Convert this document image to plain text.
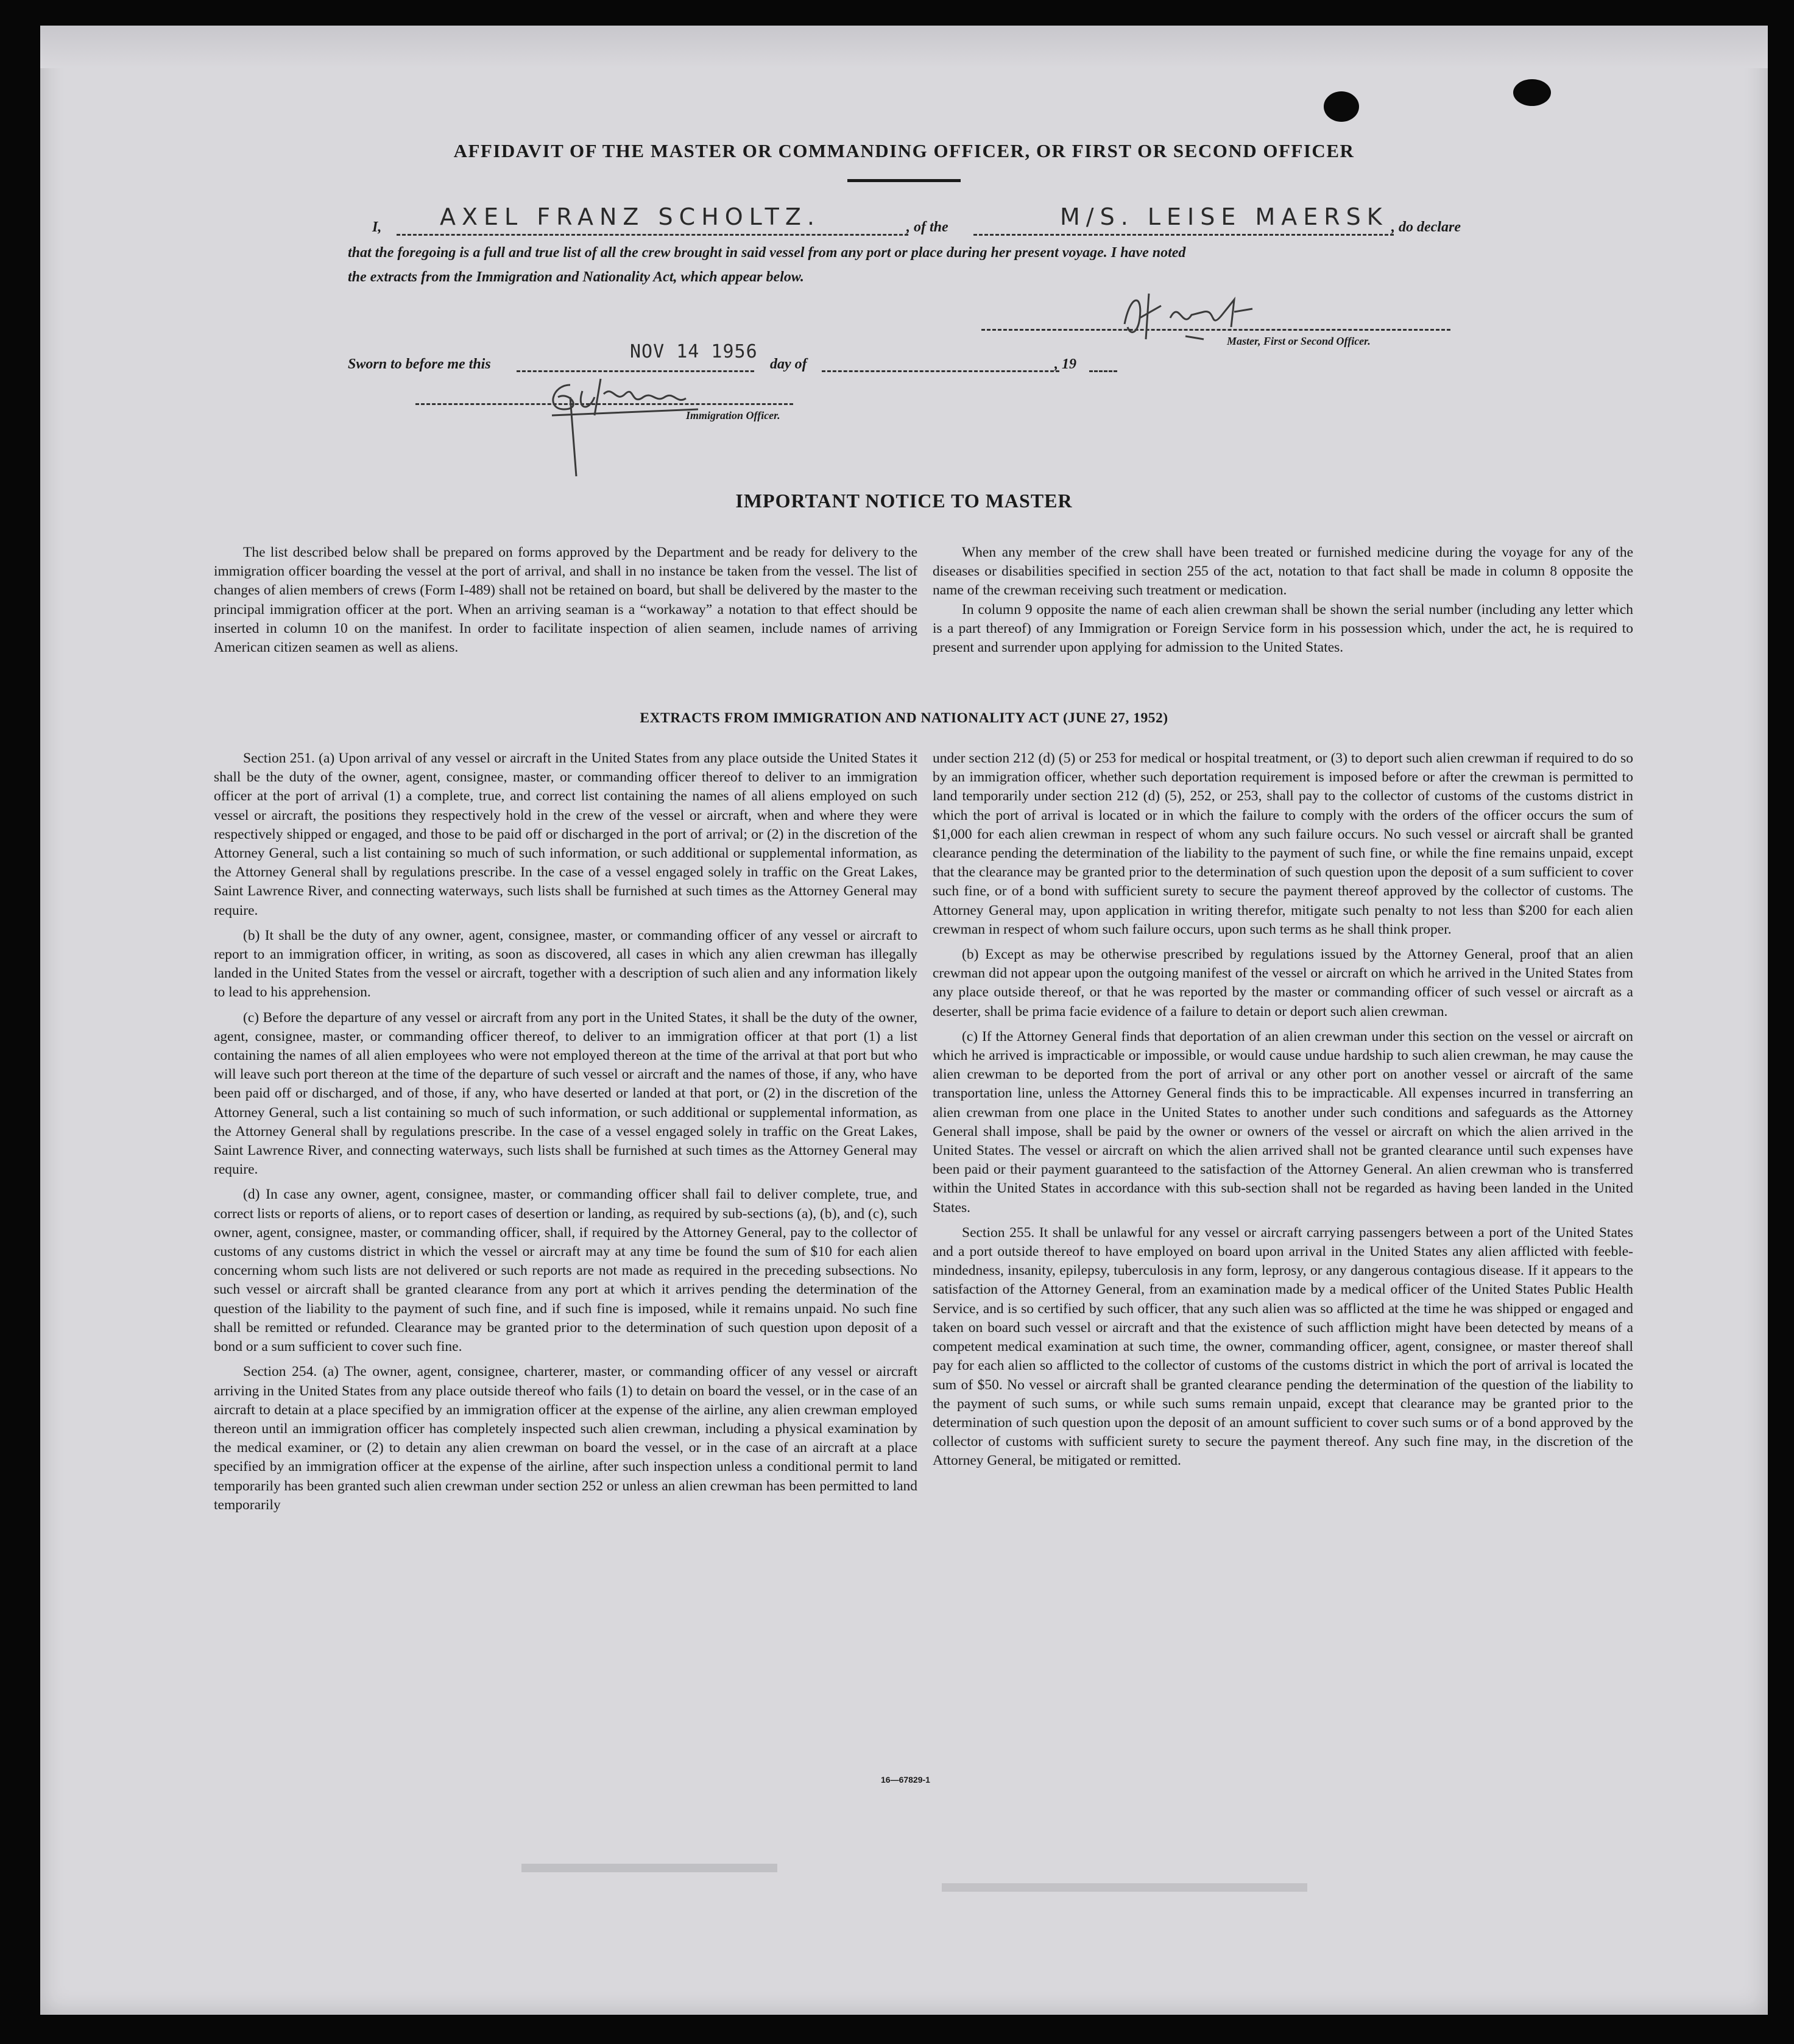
AFFIDAVIT OF THE MASTER OR COMMANDING OFFICER, OR FIRST OR SECOND OFFICER
I,	AXEL FRANZ SCHOLTZ.	, of the	M/S. LEISE MAERSK , do declare
that the foregoing is a full and true list of all the crew brought in said vessel from any port or place during her present voyage. I have noted
the extracts from the Immigration and Nationality Act, which appear below.
Master, First or Second Officer.
Sworn to before me this
NOV 14 1956
day of	, 19
Immigration Officer.
IMPORTANT NOTICE TO MASTER

The list described below shall be prepared on forms approved by the Department and be ready for delivery to the immigration officer boarding the vessel at the port of arrival, and shall in no instance be taken from the vessel. The list of changes of alien members of crews (Form I-489) shall not be retained on board, but shall be delivered by the master to the principal immigration officer at the port. When an arriving seaman is a “workaway” a notation to that effect should be inserted in column 10 on the manifest. In order to facilitate inspection of alien seamen, include names of arriving American citizen seamen as well as aliens.

When any member of the crew shall have been treated or furnished medicine during the voyage for any of the diseases or disabilities specified in section 255 of the act, notation to that fact shall be made in column 8 opposite the name of the crewman receiving such treatment or medication.

In column 9 opposite the name of each alien crewman shall be shown the serial number (including any letter which is a part thereof) of any Immigration or Foreign Service form in his possession which, under the act, he is required to present and surrender upon applying for admission to the United States.

EXTRACTS FROM IMMIGRATION AND NATIONALITY ACT (JUNE 27, 1952)

Section 251. (a) Upon arrival of any vessel or aircraft in the United States from any place outside the United States it shall be the duty of the owner, agent, consignee, master, or commanding officer thereof to deliver to an immigration officer at the port of arrival (1) a complete, true, and correct list containing the names of all aliens employed on such vessel or aircraft, the positions they respectively hold in the crew of the vessel or aircraft, when and where they were respectively shipped or engaged, and those to be paid off or discharged in the port of arrival; or (2) in the discretion of the Attorney General, such a list containing so much of such information, or such additional or supplemental information, as the Attorney General shall by regulations prescribe. In the case of a vessel engaged solely in traffic on the Great Lakes, Saint Lawrence River, and connecting waterways, such lists shall be furnished at such times as the Attorney General may require.

(b) It shall be the duty of any owner, agent, consignee, master, or commanding officer of any vessel or aircraft to report to an immigration officer, in writing, as soon as discovered, all cases in which any alien crewman has illegally landed in the United States from the vessel or aircraft, together with a description of such alien and any information likely to lead to his apprehension.

(c) Before the departure of any vessel or aircraft from any port in the United States, it shall be the duty of the owner, agent, consignee, master, or commanding officer thereof, to deliver to an immigration officer at that port (1) a list containing the names of all alien employees who were not employed thereon at the time of the arrival at that port but who will leave such port thereon at the time of the departure of such vessel or aircraft and the names of those, if any, who have been paid off or discharged, and of those, if any, who have deserted or landed at that port, or (2) in the discretion of the Attorney General, such a list containing so much of such information, or such additional or supplemental information, as the Attorney General shall by regulations prescribe. In the case of a vessel engaged solely in traffic on the Great Lakes, Saint Lawrence River, and connecting waterways, such lists shall be furnished at such times as the Attorney General may require.

(d) In case any owner, agent, consignee, master, or commanding officer shall fail to deliver complete, true, and correct lists or reports of aliens, or to report cases of desertion or landing, as required by sub-sections (a), (b), and (c), such owner, agent, consignee, master, or commanding officer, shall, if required by the Attorney General, pay to the collector of customs of any customs district in which the vessel or aircraft may at any time be found the sum of $10 for each alien concerning whom such lists are not delivered or such reports are not made as required in the preceding subsections. No such vessel or aircraft shall be granted clearance from any port at which it arrives pending the determination of the question of the liability to the payment of such fine, and if such fine is imposed, while it remains unpaid. No such fine shall be remitted or refunded. Clearance may be granted prior to the determination of such question upon deposit of a bond or a sum sufficient to cover such fine.

Section 254. (a) The owner, agent, consignee, charterer, master, or commanding officer of any vessel or aircraft arriving in the United States from any place outside thereof who fails (1) to detain on board the vessel, or in the case of an aircraft to detain at a place specified by an immigration officer at the expense of the airline, any alien crewman employed thereon until an immigration officer has completely inspected such alien crewman, including a physical examination by the medical examiner, or (2) to detain any alien crewman on board the vessel, or in the case of an aircraft at a place specified by an immigration officer at the expense of the airline, after such inspection unless a conditional permit to land temporarily has been granted such alien crewman under section 252 or unless an alien crewman has been permitted to land temporarily

under section 212 (d) (5) or 253 for medical or hospital treatment, or (3) to deport such alien crewman if required to do so by an immigration officer, whether such deportation requirement is imposed before or after the crewman is permitted to land temporarily under section 212 (d) (5), 252, or 253, shall pay to the collector of customs of the customs district in which the port of arrival is located or in which the failure to comply with the orders of the officer occurs the sum of $1,000 for each alien crewman in respect of whom any such failure occurs. No such vessel or aircraft shall be granted clearance pending the determination of the liability to the payment of such fine, or while the fine remains unpaid, except that the clearance may be granted prior to the determination of such question upon the deposit of a sum sufficient to cover such fine, or of a bond with sufficient surety to secure the payment thereof approved by the collector of customs. The Attorney General may, upon application in writing therefor, mitigate such penalty to not less than $200 for each alien crewman in respect of whom such failure occurs, upon such terms as he shall think proper.

(b) Except as may be otherwise prescribed by regulations issued by the Attorney General, proof that an alien crewman did not appear upon the outgoing manifest of the vessel or aircraft on which he arrived in the United States from any place outside thereof, or that he was reported by the master or commanding officer of such vessel or aircraft as a deserter, shall be prima facie evidence of a failure to detain or deport such alien crewman.

(c) If the Attorney General finds that deportation of an alien crewman under this section on the vessel or aircraft on which he arrived is impracticable or impossible, or would cause undue hardship to such alien crewman, he may cause the alien crewman to be deported from the port of arrival or any other port on another vessel or aircraft of the same transportation line, unless the Attorney General finds this to be impracticable. All expenses incurred in transferring an alien crewman from one place in the United States to another under such conditions and safeguards as the Attorney General shall impose, shall be paid by the owner or owners of the vessel or aircraft on which the alien arrived in the United States. The vessel or aircraft on which the alien arrived shall not be granted clearance until such expenses have been paid or their payment guaranteed to the satisfaction of the Attorney General. An alien crewman who is transferred within the United States in accordance with this sub-section shall not be regarded as having been landed in the United States.

Section 255. It shall be unlawful for any vessel or aircraft carrying passengers between a port of the United States and a port outside thereof to have employed on board upon arrival in the United States any alien afflicted with feeble-mindedness, insanity, epilepsy, tuberculosis in any form, leprosy, or any dangerous contagious disease. If it appears to the satisfaction of the Attorney General, from an examination made by a medical officer of the United States Public Health Service, and is so certified by such officer, that any such alien was so afflicted at the time he was shipped or engaged and taken on board such vessel or aircraft and that the existence of such affliction might have been detected by means of a competent medical examination at such time, the owner, commanding officer, agent, consignee, or master thereof shall pay for each alien so afflicted to the collector of customs of the customs district in which the port of arrival is located the sum of $50. No vessel or aircraft shall be granted clearance pending the determination of the question of the liability to the payment of such sums, or while such sums remain unpaid, except that clearance may be granted prior to the determination of such question upon the deposit of an amount sufficient to cover such sums or of a bond approved by the collector of customs with sufficient surety to secure the payment thereof. Any such fine may, in the discretion of the Attorney General, be mitigated or remitted.

16—67829-1
